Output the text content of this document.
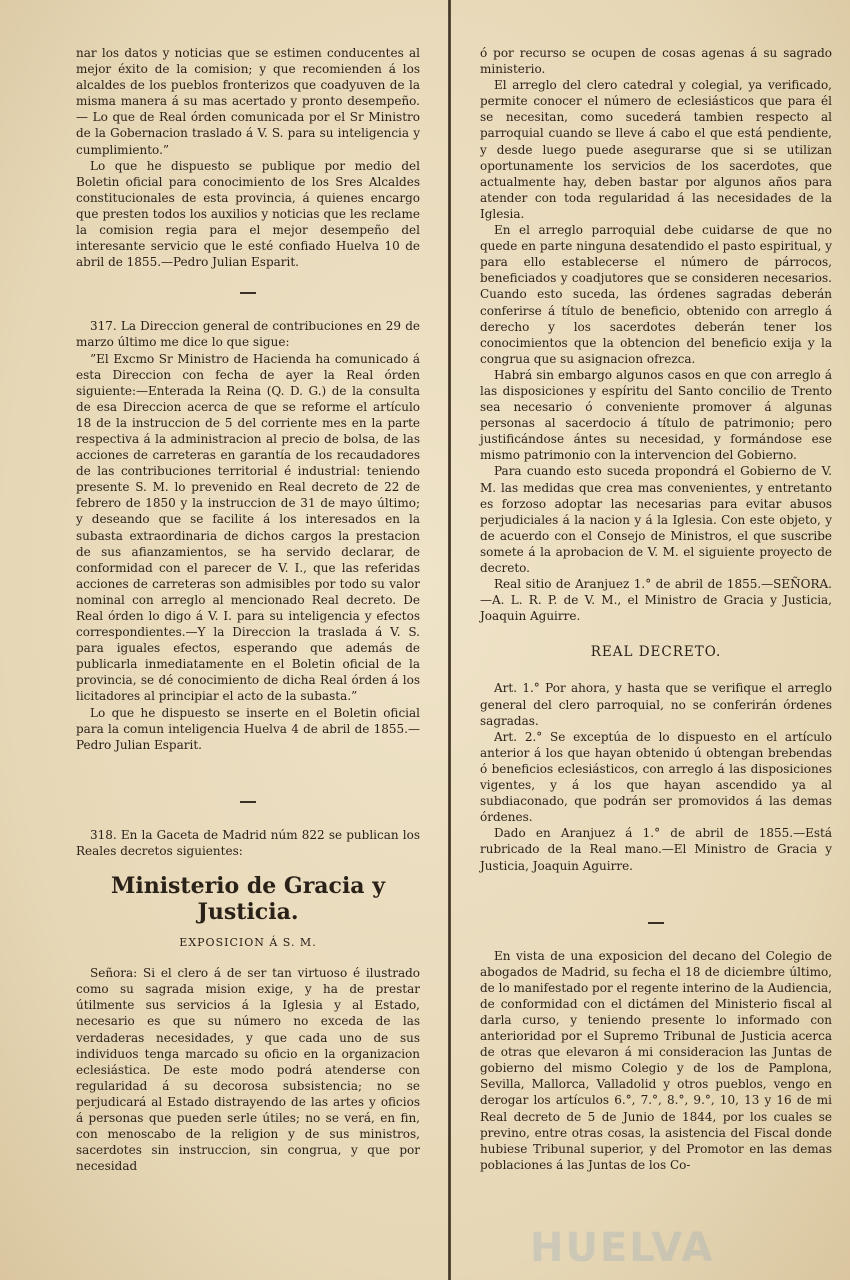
nar los datos y noticias que se estimen conducentes al mejor éxito de la comision; y que recomienden á los alcaldes de los pueblos fronterizos que coadyuven de la misma manera á su mas acertado y pronto desempeño.— Lo que de Real órden comunicada por el Sr Ministro de la Gobernacion traslado á V. S. para su inteligencia y cumplimiento.”

Lo que he dispuesto se publique por medio del Boletin oficial para conocimiento de los Sres Alcaldes constitucionales de esta provincia, á quienes encargo que presten todos los auxilios y noticias que les reclame la comision regia para el mejor desempeño del interesante servicio que le esté confiado Huelva 10 de abril de 1855.—Pedro Julian Esparit.

317. La Direccion general de contribuciones en 29 de marzo último me dice lo que sigue:

”El Excmo Sr Ministro de Hacienda ha comunicado á esta Direccion con fecha de ayer la Real órden siguiente:—Enterada la Reina (Q. D. G.) de la consulta de esa Direccion acerca de que se reforme el artículo 18 de la instruccion de 5 del corriente mes en la parte respectiva á la administracion al precio de bolsa, de las acciones de carreteras en garantía de los recaudadores de las contribuciones territorial é industrial: teniendo presente S. M. lo prevenido en Real decreto de 22 de febrero de 1850 y la instruccion de 31 de mayo último; y deseando que se facilite á los interesados en la subasta extraordinaria de dichos cargos la prestacion de sus afianzamientos, se ha servido declarar, de conformidad con el parecer de V. I., que las referidas acciones de carreteras son admisibles por todo su valor nominal con arreglo al mencionado Real decreto. De Real órden lo digo á V. I. para su inteligencia y efectos correspondientes.—Y la Direccion la traslada á V. S. para iguales efectos, esperando que además de publicarla inmediatamente en el Boletin oficial de la provincia, se dé conocimiento de dicha Real órden á los licitadores al principiar el acto de la subasta.”

Lo que he dispuesto se inserte en el Boletin oficial para la comun inteligencia Huelva 4 de abril de 1855.—Pedro Julian Esparit.

318. En la Gaceta de Madrid núm 822 se publican los Reales decretos siguientes:

Ministerio de Gracia y Justicia.
EXPOSICION Á S. M.

Señora: Si el clero á de ser tan virtuoso é ilustrado como su sagrada mision exige, y ha de prestar útilmente sus servicios á la Iglesia y al Estado, necesario es que su número no exceda de las verdaderas necesidades, y que cada uno de sus individuos tenga marcado su oficio en la organizacion eclesiástica. De este modo podrá atenderse con regularidad á su decorosa subsistencia; no se perjudicará al Estado distrayendo de las artes y oficios á personas que pueden serle útiles; no se verá, en fin, con menoscabo de la religion y de sus ministros, sacerdotes sin instruccion, sin congrua, y que por necesidad

ó por recurso se ocupen de cosas agenas á su sagrado ministerio.

El arreglo del clero catedral y colegial, ya verificado, permite conocer el número de eclesiásticos que para él se necesitan, como sucederá tambien respecto al parroquial cuando se lleve á cabo el que está pendiente, y desde luego puede asegurarse que si se utilizan oportunamente los servicios de los sacerdotes, que actualmente hay, deben bastar por algunos años para atender con toda regularidad á las necesidades de la Iglesia.

En el arreglo parroquial debe cuidarse de que no quede en parte ninguna desatendido el pasto espiritual, y para ello establecerse el número de párrocos, beneficiados y coadjutores que se consideren necesarios. Cuando esto suceda, las órdenes sagradas deberán conferirse á título de beneficio, obtenido con arreglo á derecho y los sacerdotes deberán tener los conocimientos que la obtencion del beneficio exija y la congrua que su asignacion ofrezca.

Habrá sin embargo algunos casos en que con arreglo á las disposiciones y espíritu del Santo concilio de Trento sea necesario ó conveniente promover á algunas personas al sacerdocio á título de patrimonio; pero justificándose ántes su necesidad, y formándose ese mismo patrimonio con la intervencion del Gobierno.

Para cuando esto suceda propondrá el Gobierno de V. M. las medidas que crea mas convenientes, y entretanto es forzoso adoptar las necesarias para evitar abusos perjudiciales á la nacion y á la Iglesia. Con este objeto, y de acuerdo con el Consejo de Ministros, el que suscribe somete á la aprobacion de V. M. el siguiente proyecto de decreto.

Real sitio de Aranjuez 1.° de abril de 1855.—SEÑORA.—A. L. R. P. de V. M., el Ministro de Gracia y Justicia, Joaquin Aguirre.

REAL DECRETO.

Art. 1.° Por ahora, y hasta que se verifique el arreglo general del clero parroquial, no se conferirán órdenes sagradas.

Art. 2.° Se exceptúa de lo dispuesto en el artículo anterior á los que hayan obtenido ú obtengan brebendas ó beneficios eclesiásticos, con arreglo á las disposiciones vigentes, y á los que hayan ascendido ya al subdiaconado, que podrán ser promovidos á las demas órdenes.

Dado en Aranjuez á 1.° de abril de 1855.—Está rubricado de la Real mano.—El Ministro de Gracia y Justicia, Joaquin Aguirre.

En vista de una exposicion del decano del Colegio de abogados de Madrid, su fecha el 18 de diciembre último, de lo manifestado por el regente interino de la Audiencia, de conformidad con el dictámen del Ministerio fiscal al darla curso, y teniendo presente lo informado con anterioridad por el Supremo Tribunal de Justicia acerca de otras que elevaron á mi consideracion las Juntas de gobierno del mismo Colegio y de los de Pamplona, Sevilla, Mallorca, Valladolid y otros pueblos, vengo en derogar los artículos 6.°, 7.°, 8.°, 9.°, 10, 13 y 16 de mi Real decreto de 5 de Junio de 1844, por los cuales se previno, entre otras cosas, la asistencia del Fiscal donde hubiese Tribunal superior, y del Promotor en las demas poblaciones á las Juntas de los Co-

HUELVA
